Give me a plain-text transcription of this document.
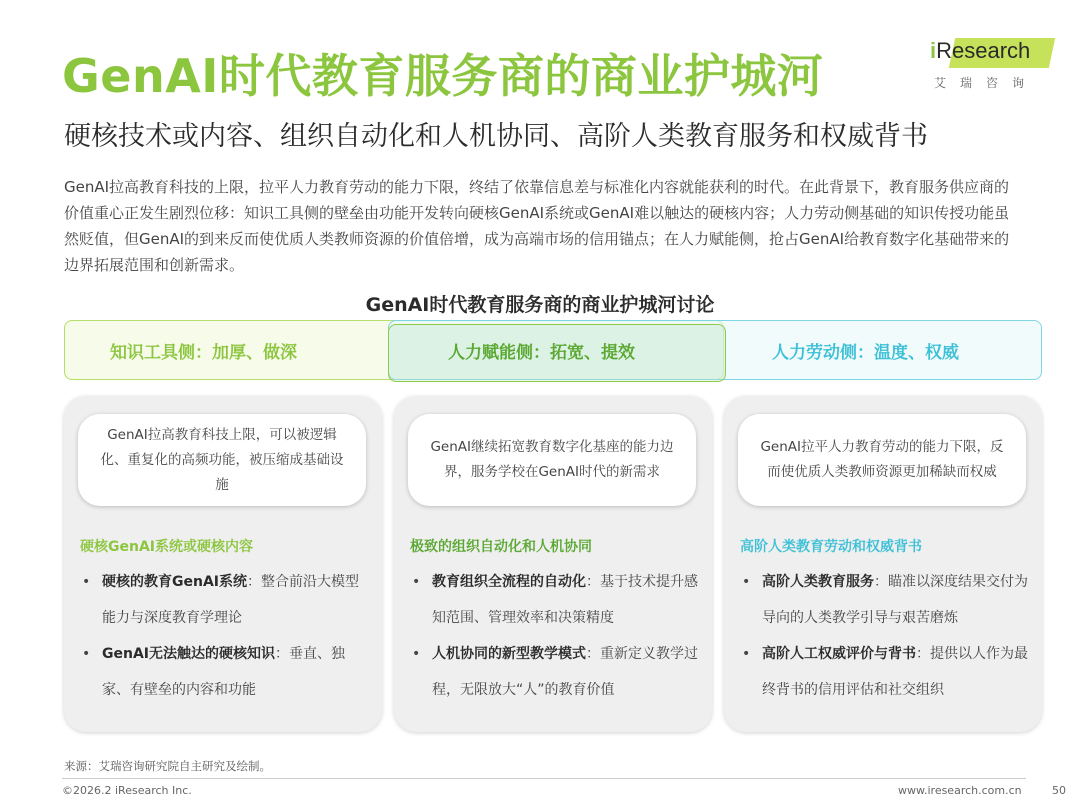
GenAI时代教育服务商的商业护城河
硬核技术或内容、组织自动化和人机协同、高阶人类教育服务和权威背书
iResearch
艾瑞咨询
GenAI拉高教育科技的上限，拉平人力教育劳动的能力下限，终结了依靠信息差与标准化内容就能获利的时代。在此背景下，教育服务供应商的价值重心正发生剧烈位移：知识工具侧的壁垒由功能开发转向硬核GenAI系统或GenAI难以触达的硬核内容；人力劳动侧基础的知识传授功能虽然贬值，但GenAI的到来反而使优质人类教师资源的价值倍增，成为高端市场的信用锚点；在人力赋能侧，抢占GenAI给教育数字化基础带来的边界拓展范围和创新需求。
GenAI时代教育服务商的商业护城河讨论
知识工具侧：加厚、做深	人力赋能侧：拓宽、提效	人力劳动侧：温度、权威
GenAI拉高教育科技上限，可以被逻辑化、重复化的高频功能，被压缩成基础设施
硬核GenAI系统或硬核内容
• 硬核的教育GenAI系统：整合前沿大模型能力与深度教育学理论
• GenAI无法触达的硬核知识：垂直、独家、有壁垒的内容和功能
GenAI继续拓宽教育数字化基座的能力边界，服务学校在GenAI时代的新需求
极致的组织自动化和人机协同
• 教育组织全流程的自动化：基于技术提升感知范围、管理效率和决策精度
• 人机协同的新型教学模式：重新定义教学过程，无限放大“人”的教育价值
GenAI拉平人力教育劳动的能力下限，反而使优质人类教师资源更加稀缺而权威
高阶人类教育劳动和权威背书
• 高阶人类教育服务：瞄准以深度结果交付为导向的人类教学引导与艰苦磨炼
• 高阶人工权威评价与背书：提供以人作为最终背书的信用评估和社交组织
来源：艾瑞咨询研究院自主研究及绘制。
©2026.2 iResearch Inc.	www.iresearch.com.cn	50
